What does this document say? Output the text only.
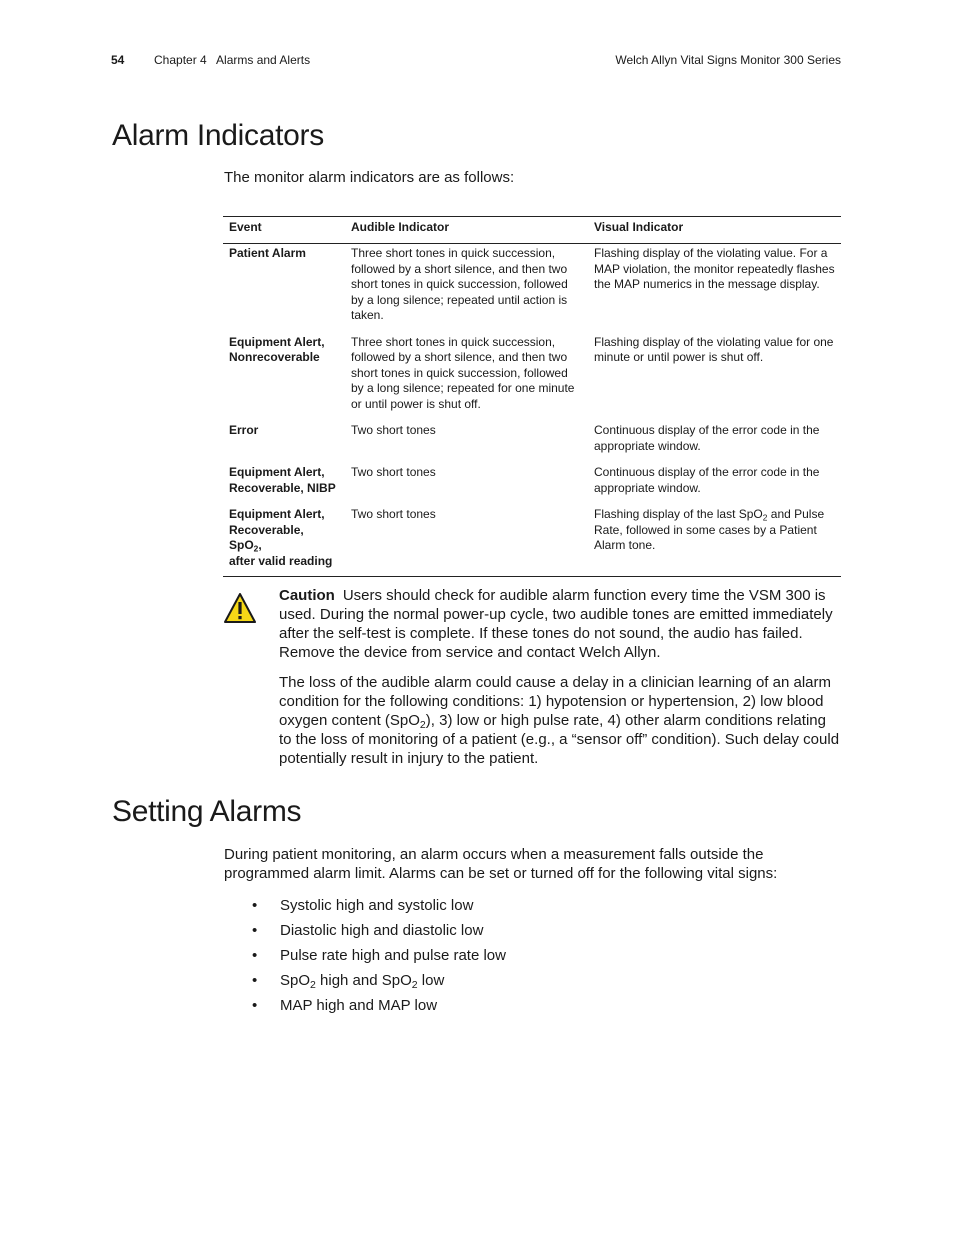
54 Chapter 4   Alarms and Alerts	Welch Allyn Vital Signs Monitor 300 Series
Alarm Indicators

The monitor alarm indicators are as follows:

Event	Audible Indicator	Visual Indicator
Patient Alarm	Three short tones in quick succession, followed by a short silence, and then two short tones in quick succession, followed by a long silence; repeated until action is taken.	Flashing display of the violating value. For a MAP violation, the monitor repeatedly flashes the MAP numerics in the message display.
Equipment Alert,
Nonrecoverable	Three short tones in quick succession, followed by a short silence, and then two short tones in quick succession, followed by a long silence; repeated for one minute or until power is shut off.	Flashing display of the violating value for one minute or until power is shut off.
Error	Two short tones	Continuous display of the error code in the appropriate window.
Equipment Alert,
Recoverable, NIBP	Two short tones	Continuous display of the error code in the appropriate window.
Equipment Alert,
Recoverable, SpO$_2$,
after valid reading	Two short tones	Flashing display of the last SpO$_2$ and Pulse Rate, followed in some cases by a Patient Alarm tone.

Caution Users should check for audible alarm function every time the VSM 300 is used. During the normal power-up cycle, two audible tones are emitted immediately after the self-test is complete. If these tones do not sound, the audio has failed. Remove the device from service and contact Welch Allyn.

The loss of the audible alarm could cause a delay in a clinician learning of an alarm condition for the following conditions: 1) hypotension or hypertension, 2) low blood oxygen content (SpO$_2$), 3) low or high pulse rate, 4) other alarm conditions relating to the loss of monitoring of a patient (e.g., a “sensor off” condition). Such delay could potentially result in injury to the patient.

Setting Alarms

During patient monitoring, an alarm occurs when a measurement falls outside the programmed alarm limit. Alarms can be set or turned off for the following vital signs:

• Systolic high and systolic low
• Diastolic high and diastolic low
• Pulse rate high and pulse rate low
• SpO$_2$ high and SpO$_2$ low
• MAP high and MAP low
